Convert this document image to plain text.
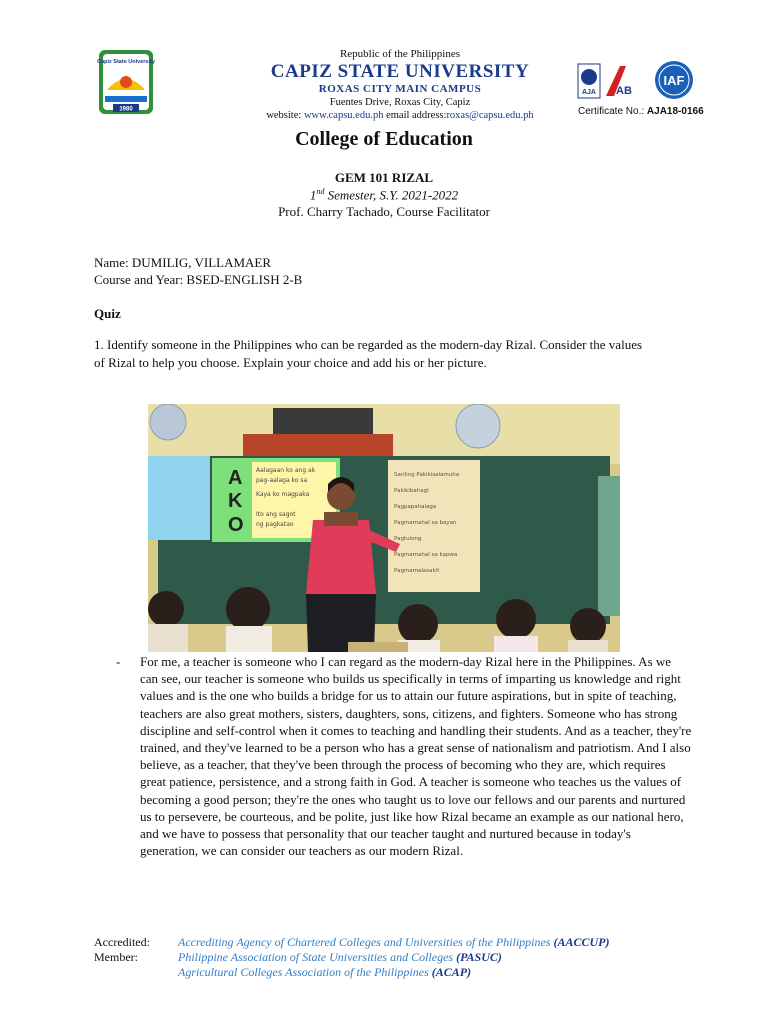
Capiz State University
1980
Republic of the Philippines
CAPIZ STATE UNIVERSITY
ROXAS CITY MAIN CAMPUS
Fuentes Drive, Roxas City, Capiz
website: www.capsu.edu.ph email address:roxas@capsu.edu.ph
AJA AB
IAF
Certificate No.: AJA18-0166
College of Education
GEM 101 RIZAL
1nd Semester, S.Y. 2021-2022
Prof. Charry Tachado, Course Facilitator
Name: DUMILIG, VILLAMAER
Course and Year: BSED-ENGLISH 2-B
Quiz
1. Identify someone in the Philippines who can be regarded as the modern-day Rizal. Consider the values of Rizal to help you choose. Explain your choice and add his or her picture.
A
K
O
Aalagaan ko ang ak
pag-aalaga ko sa
Kaya ko magpaka
Ito ang sagot
ng pagkatao
Sariling Pakikisalamuha
Pakikibahagi
Pagpapahalaga
Pagmamahal sa bayan
Pagtulong
Pagmamahal sa kapwa
Pagmamalasakit
- For me, a teacher is someone who I can regard as the modern-day Rizal here in the Philippines. As we can see, our teacher is someone who builds us specifically in terms of imparting us knowledge and right values and is the one who builds a bridge for us to attain our future aspirations, but in spite of teaching, teachers are also great mothers, sisters, daughters, sons, citizens, and fighters. Someone who has strong discipline and self-control when it comes to teaching and handling their students. And as a teacher, they're trained, and they've learned to be a person who has a great sense of nationalism and patriotism. And I also believe, as a teacher, that they've been through the process of becoming who they are, which requires great patience, persistence, and a strong faith in God. A teacher is someone who teaches us the values of becoming a good person; they're the ones who taught us to love our fellows and our parents and nurtured us to persevere, be courteous, and be polite, just like how Rizal became an example as our national hero, and we have to possess that personality that our teacher taught and nurtured because in today's generation, we can consider our teachers as our modern Rizal.
Accredited:	Accrediting Agency of Chartered Colleges and Universities of the Philippines (AACCUP)
Member:	Philippine Association of State Universities and Colleges (PASUC)
Agricultural Colleges Association of the Philippines (ACAP)
